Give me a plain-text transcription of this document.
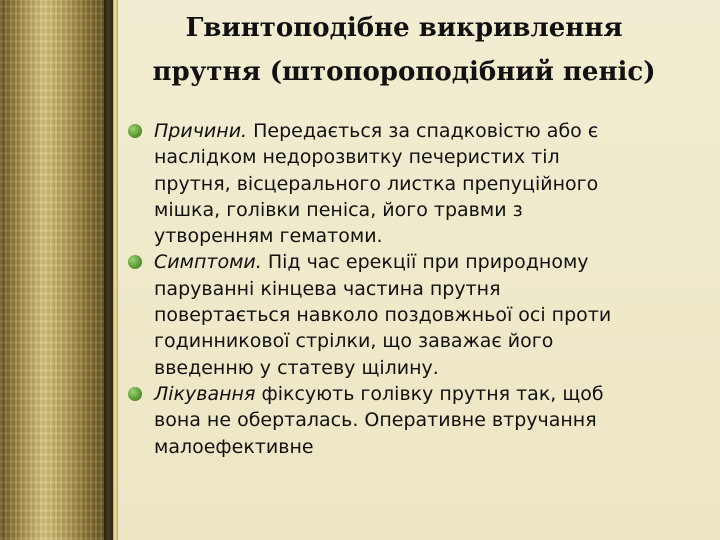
Гвинтоподібне викривлення
прутня (штопороподібний пеніс)
Причини. Передається за спадковістю або є
наслідком недорозвитку печеристих тіл
прутня, вісцерального листка препуційного
мішка, голівки пеніса, його травми з
утворенням гематоми.
Симптоми. Під час ерекції при природному
паруванні кінцева частина прутня
повертається навколо поздовжньої осі проти
годинникової стрілки, що заважає його
введенню у статеву щілину.
Лікування фіксують голівку прутня так, щоб
вона не оберталась. Оперативне втручання
малоефективне
